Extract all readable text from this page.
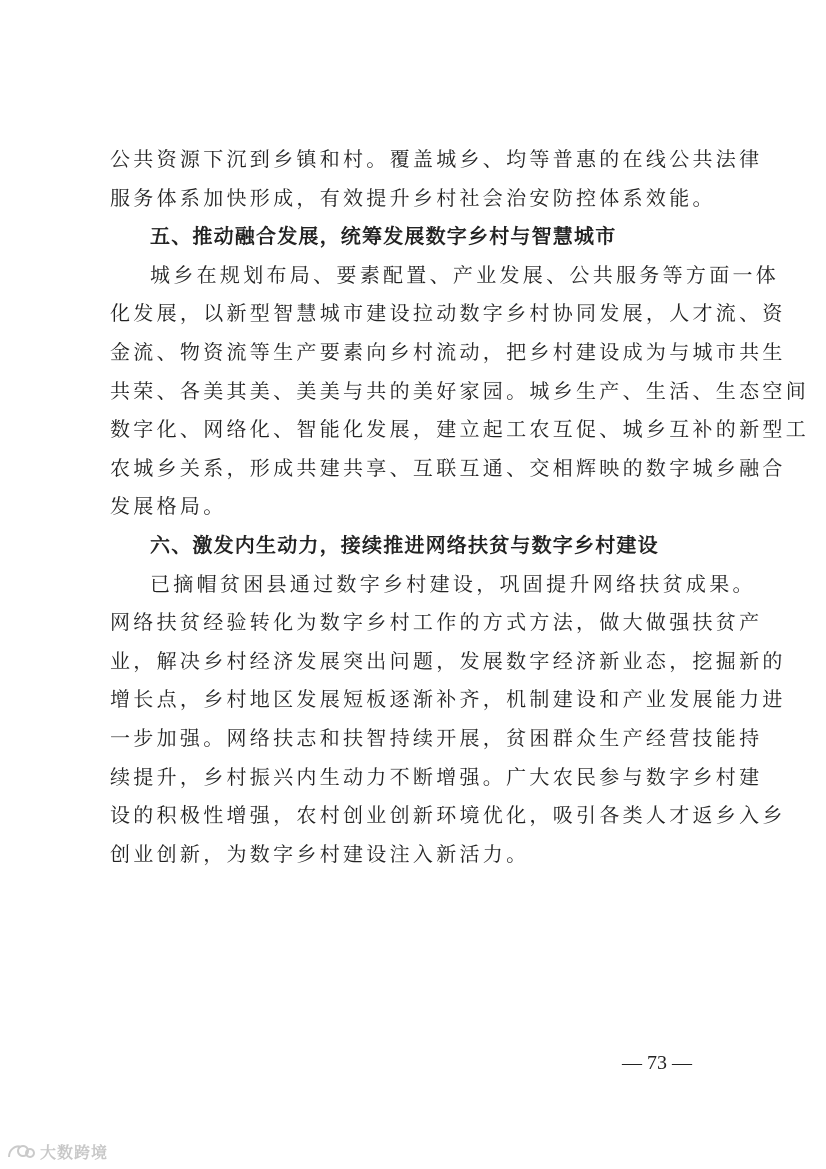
公共资源下沉到乡镇和村。覆盖城乡、均等普惠的在线公共法律
服务体系加快形成，有效提升乡村社会治安防控体系效能。
五、推动融合发展，统筹发展数字乡村与智慧城市
城乡在规划布局、要素配置、产业发展、公共服务等方面一体
化发展，以新型智慧城市建设拉动数字乡村协同发展，人才流、资
金流、物资流等生产要素向乡村流动，把乡村建设成为与城市共生
共荣、各美其美、美美与共的美好家园。城乡生产、生活、生态空间
数字化、网络化、智能化发展，建立起工农互促、城乡互补的新型工
农城乡关系，形成共建共享、互联互通、交相辉映的数字城乡融合
发展格局。
六、激发内生动力，接续推进网络扶贫与数字乡村建设
已摘帽贫困县通过数字乡村建设，巩固提升网络扶贫成果。
网络扶贫经验转化为数字乡村工作的方式方法，做大做强扶贫产
业，解决乡村经济发展突出问题，发展数字经济新业态，挖掘新的
增长点，乡村地区发展短板逐渐补齐，机制建设和产业发展能力进
一步加强。网络扶志和扶智持续开展，贫困群众生产经营技能持
续提升，乡村振兴内生动力不断增强。广大农民参与数字乡村建
设的积极性增强，农村创业创新环境优化，吸引各类人才返乡入乡
创业创新，为数字乡村建设注入新活力。
— 73 —
大数跨境
